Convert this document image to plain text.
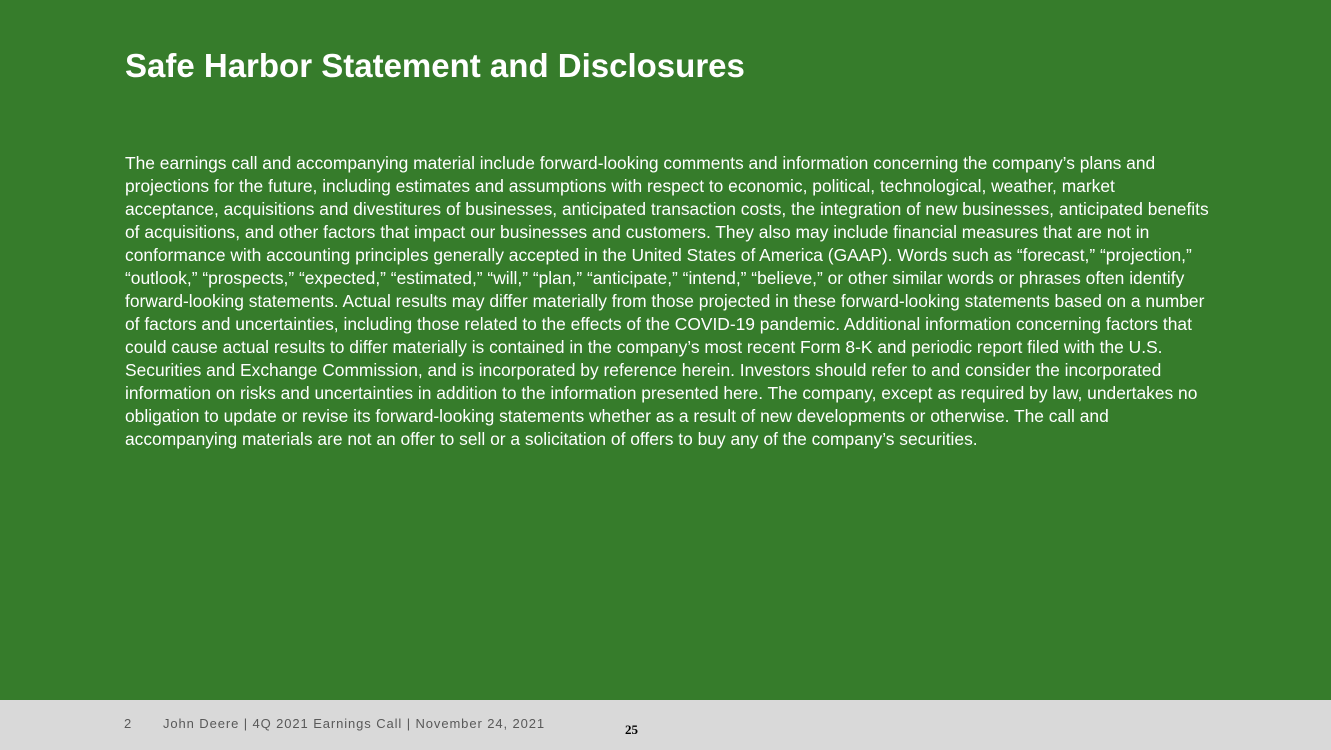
Safe Harbor Statement and Disclosures

The earnings call and accompanying material include forward-looking comments and information concerning the company’s plans and projections for the future, including estimates and assumptions with respect to economic, political, technological, weather, market acceptance, acquisitions and divestitures of businesses, anticipated transaction costs, the integration of new businesses, anticipated benefits of acquisitions, and other factors that impact our businesses and customers. They also may include financial measures that are not in conformance with accounting principles generally accepted in the United States of America (GAAP). Words such as “forecast,” “projection,” “outlook,” “prospects,” “expected,” “estimated,” “will,” “plan,” “anticipate,” “intend,” “believe,” or other similar words or phrases often identify forward-looking statements. Actual results may differ materially from those projected in these forward-looking statements based on a number of factors and uncertainties, including those related to the effects of the COVID-19 pandemic. Additional information concerning factors that could cause actual results to differ materially is contained in the company’s most recent Form 8-K and periodic report filed with the U.S. Securities and Exchange Commission, and is incorporated by reference herein. Investors should refer to and consider the incorporated information on risks and uncertainties in addition to the information presented here. The company, except as required by law, undertakes no obligation to update or revise its forward-looking statements whether as a result of new developments or otherwise. The call and accompanying materials are not an offer to sell or a solicitation of offers to buy any of the company’s securities.

2 John Deere | 4Q 2021 Earnings Call | November 24, 2021	25
